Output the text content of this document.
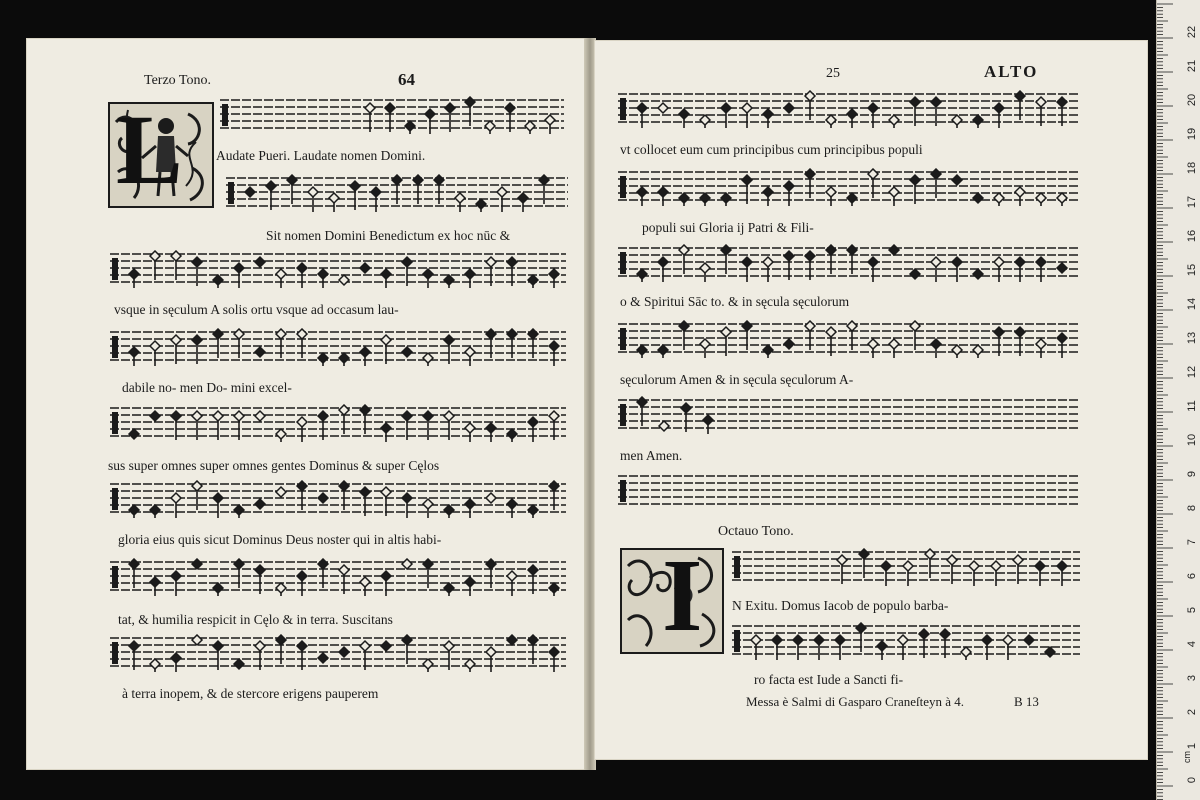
Terzo Tono.	64
L Audate Pueri. Laudate nomen Domini.
Sit nomen Domini Benedictum ex hoc nūc &
vsque in sęculum A solis ortu vsque ad occasum lau-
dabile no- men Do- mini excel-
sus super omnes super omnes gentes Dominus & super Cęlos
gloria eius quis sicut Dominus Deus noster qui in altis habi-
tat, & humilia respicit in Cęlo & in terra. Suscitans
à terra inopem, & de stercore erigens pauperem
25	ALTO
vt collocet eum cum principibus cum principibus populi
populi sui Gloria ij Patri & Fili-
o & Spiritui Sāc to. & in sęcula sęculorum
sęculorum Amen & in sęcula sęculorum A-
men Amen.
Octauo Tono.
I N Exitu. Domus Iacob de populo barba-
ro facta est Iude a Sancti fi-
Messa è Salmi di Gasparo Craneſteyn à 4.	B 13
22
21
20
19
18
17
16
15
14
13
12
11
10
9
8
7
6
5
4
3
2
1
0
cm
